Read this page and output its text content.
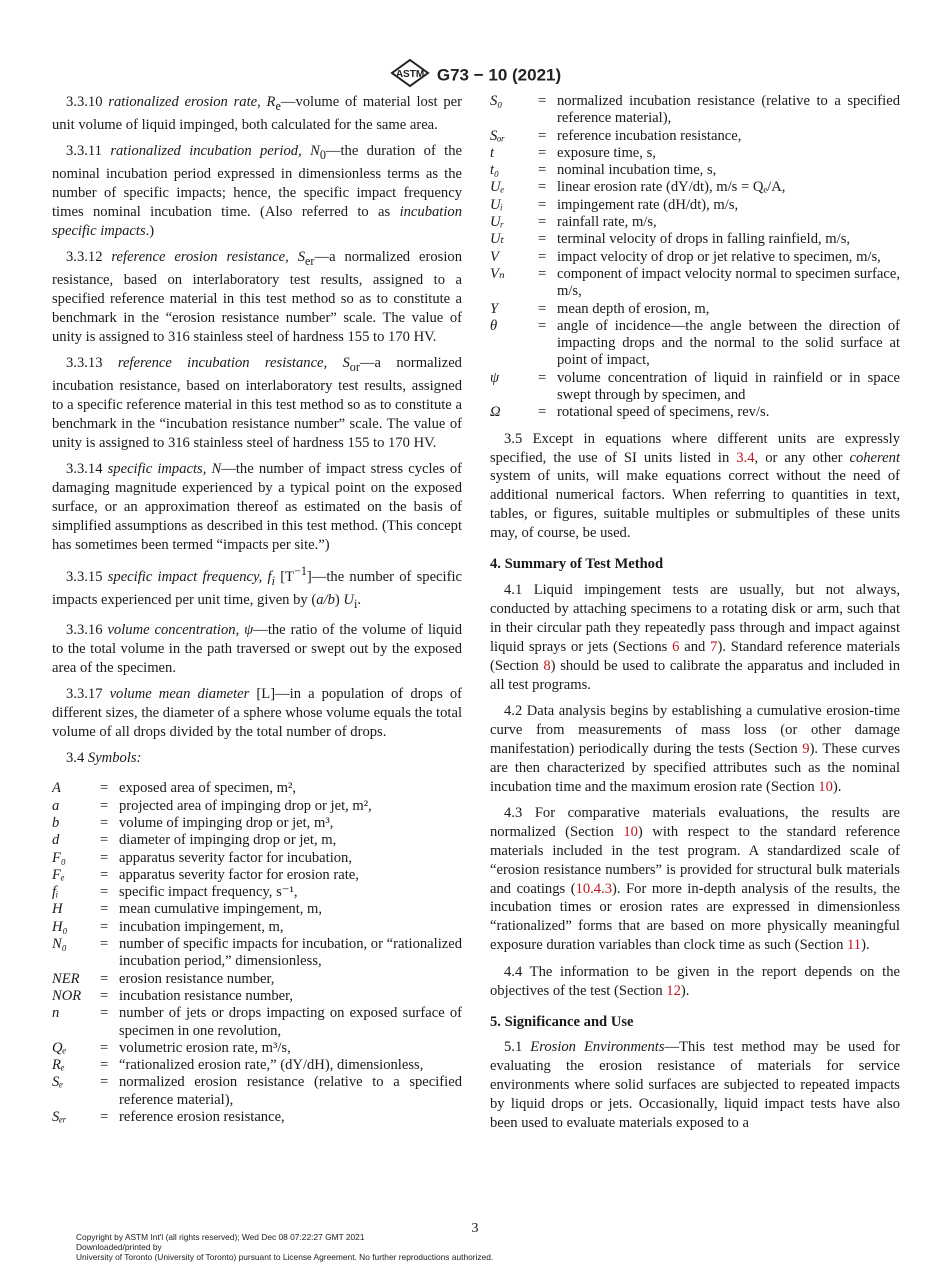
ASTM G73 − 10 (2021)

3.3.10 rationalized erosion rate, $R_e—volume$ of material lost per unit volume of liquid impinged, both calculated for the same area.

3.3.11 rationalized incubation period, $N_0—the$ duration of the nominal incubation period expressed in dimensionless terms as the number of specific impacts; hence, the specific impact frequency times nominal incubation time. (Also referred to as incubation specific impacts.)

3.3.12 reference erosion resistance, $S_{er}—a$ normalized erosion resistance, based on interlaboratory test results, assigned to a specified reference material in this test method so as to constitute a benchmark in the “erosion resistance number” scale. The value of unity is assigned to 316 stainless steel of hardness 155 to 170 HV.

3.3.13 reference incubation resistance, $S_{or}—a$ normalized incubation resistance, based on interlaboratory test results, assigned to a specific reference material in this test method so as to constitute a benchmark in the “incubation resistance number” scale. The value of unity is assigned to 316 stainless steel of hardness 155 to 170 HV.

3.3.14 specific impacts, N—the number of impact stress cycles of damaging magnitude experienced by a typical point on the exposed surface, or an approximation thereof as estimated on the basis of simplified assumptions as described in this test method. (This concept has sometimes been termed “impacts per site.”)

3.3.15 specific impact frequency, $f_i$ $[T^{-1}]—the$ number of specific impacts experienced per unit time, given by (a/b) $U_i$.

3.3.16 volume concentration, ψ—the ratio of the volume of liquid to the total volume in the path traversed or swept out by the exposed area of the specimen.

3.3.17 volume mean diameter [L]—in a population of drops of different sizes, the diameter of a sphere whose volume equals the total volume of all drops divided by the total number of drops.

3.4 Symbols:

A	=	exposed area of specimen, m²,
a	=	projected area of impinging drop or jet, m²,
b	=	volume of impinging drop or jet, m³,
d	=	diameter of impinging drop or jet, m,
F₀	=	apparatus severity factor for incubation,
Fₑ	=	apparatus severity factor for erosion rate,
fᵢ	=	specific impact frequency, s⁻¹,
H	=	mean cumulative impingement, m,
H₀	=	incubation impingement, m,
N₀	=	number of specific impacts for incubation, or “rationalized incubation period,” dimensionless,
NER	=	erosion resistance number,
NOR	=	incubation resistance number,
n	=	number of jets or drops impacting on exposed surface of specimen in one revolution,
Qₑ	=	volumetric erosion rate, m³/s,
Rₑ	=	“rationalized erosion rate,” (dY/dH), dimensionless,
Sₑ	=	normalized erosion resistance (relative to a specified reference material),
Sₑᵣ	=	reference erosion resistance,
S₀	=	normalized incubation resistance (relative to a specified reference material),
Sₒᵣ	=	reference incubation resistance,
t	=	exposure time, s,
t₀	=	nominal incubation time, s,
Uₑ	=	linear erosion rate (dY/dt), m/s = Qₑ/A,
Uᵢ	=	impingement rate (dH/dt), m/s,
Uᵣ	=	rainfall rate, m/s,
Uₜ	=	terminal velocity of drops in falling rainfield, m/s,
V	=	impact velocity of drop or jet relative to specimen, m/s,
Vₙ	=	component of impact velocity normal to specimen surface, m/s,
Y	=	mean depth of erosion, m,
θ	=	angle of incidence—the angle between the direction of impacting drops and the normal to the solid surface at point of impact,
ψ	=	volume concentration of liquid in rainfield or in space swept through by specimen, and
Ω	=	rotational speed of specimens, rev/s.

3.5 Except in equations where different units are expressly specified, the use of SI units listed in 3.4, or any other coherent system of units, will make equations correct without the need of additional numerical factors. When referring to quantities in text, tables, or figures, suitable multiples or submultiples of these units may, of course, be used.

4. Summary of Test Method

4.1 Liquid impingement tests are usually, but not always, conducted by attaching specimens to a rotating disk or arm, such that in their circular path they repeatedly pass through and impact against liquid sprays or jets (Sections 6 and 7). Standard reference materials (Section 8) should be used to calibrate the apparatus and included in all test programs.

4.2 Data analysis begins by establishing a cumulative erosion-time curve from measurements of mass loss (or other damage manifestation) periodically during the tests (Section 9). These curves are then characterized by specified attributes such as the nominal incubation time and the maximum erosion rate (Section 10).

4.3 For comparative materials evaluations, the results are normalized (Section 10) with respect to the standard reference materials included in the test program. A standardized scale of “erosion resistance numbers” is provided for structural bulk materials and coatings (10.4.3). For more in-depth analysis of the results, the incubation times or erosion rates are expressed in dimensionless “rationalized” forms that are based on more physically meaningful exposure duration variables than clock time as such (Section 11).

4.4 The information to be given in the report depends on the objectives of the test (Section 12).

5. Significance and Use

5.1 Erosion Environments—This test method may be used for evaluating the erosion resistance of materials for service environments where solid surfaces are subjected to repeated impacts by liquid drops or jets. Occasionally, liquid impact tests have also been used to evaluate materials exposed to a

3
Copyright by ASTM Int'l (all rights reserved); Wed Dec 08 07:22:27 GMT 2021
Downloaded/printed by
University of Toronto (University of Toronto) pursuant to License Agreement. No further reproductions authorized.
